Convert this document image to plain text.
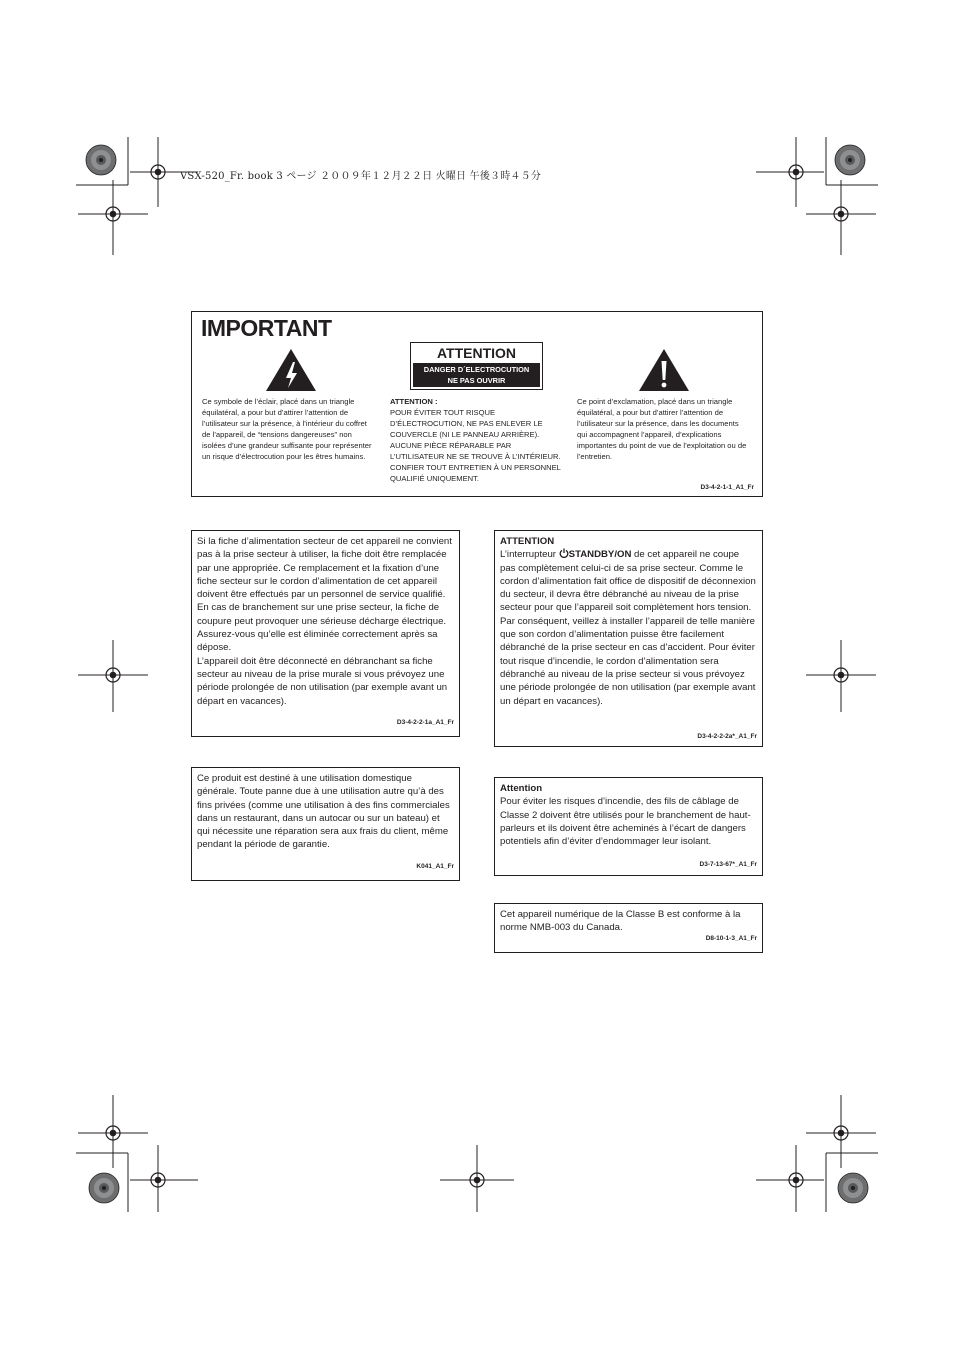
VSX-520_Fr. book 3 ページ ２００９年１２月２２日 火曜日 午後３時４５分
IMPORTANT
ATTENTION
DANGER D´ELECTROCUTION
NE PAS OUVRIR
Ce symbole de l’éclair, placé dans un triangle équilatéral, a pour but d’attirer l’attention de l’utilisateur sur la présence, à l’intérieur du coffret de l’appareil, de “tensions dangereuses” non isolées d’une grandeur suffisante pour représenter un risque d’électrocution pour les êtres humains.
ATTENTION :
POUR ÉVITER TOUT RISQUE D’ÉLECTROCUTION, NE PAS ENLEVER LE COUVERCLE (NI LE PANNEAU ARRIÈRE). AUCUNE PIÈCE RÉPARABLE PAR L’UTILISATEUR NE SE TROUVE À L’INTÉRIEUR. CONFIER TOUT ENTRETIEN À UN PERSONNEL QUALIFIÉ UNIQUEMENT.
Ce point d’exclamation, placé dans un triangle équilatéral, a pour but d’attirer l’attention de l’utilisateur sur la présence, dans les documents qui accompagnent l’appareil, d’explications importantes du point de vue de l’exploitation ou de l’entretien.
D3-4-2-1-1_A1_Fr
Si la fiche d’alimentation secteur de cet appareil ne convient pas à la prise secteur à utiliser, la fiche doit être remplacée par une appropriée. Ce remplacement et la fixation d’une fiche secteur sur le cordon d’alimentation de cet appareil doivent être effectués par un personnel de service qualifié. En cas de branchement sur une prise secteur, la fiche de coupure peut provoquer une sérieuse décharge électrique. Assurez-vous qu’elle est éliminée correctement après sa dépose.
L’appareil doit être déconnecté en débranchant sa fiche secteur au niveau de la prise murale si vous prévoyez une période prolongée de non utilisation (par exemple avant un départ en vacances).
D3-4-2-2-1a_A1_Fr
ATTENTION
L’interrupteur STANDBY/ON de cet appareil ne coupe pas complètement celui-ci de sa prise secteur. Comme le cordon d’alimentation fait office de dispositif de déconnexion du secteur, il devra être débranché au niveau de la prise secteur pour que l’appareil soit complètement hors tension. Par conséquent, veillez à installer l’appareil de telle manière que son cordon d’alimentation puisse être facilement débranché de la prise secteur en cas d’accident. Pour éviter tout risque d’incendie, le cordon d’alimentation sera débranché au niveau de la prise secteur si vous prévoyez une période prolongée de non utilisation (par exemple avant un départ en vacances).
D3-4-2-2-2a*_A1_Fr
Ce produit est destiné à une utilisation domestique générale. Toute panne due à une utilisation autre qu’à des fins privées (comme une utilisation à des fins commerciales dans un restaurant, dans un autocar ou sur un bateau) et qui nécessite une réparation sera aux frais du client, même pendant la période de garantie.
K041_A1_Fr
Attention
Pour éviter les risques d’incendie, des fils de câblage de Classe 2 doivent être utilisés pour le branchement de haut-parleurs et ils doivent être acheminés à l’écart de dangers potentiels afin d’éviter d’endommager leur isolant.
D3-7-13-67*_A1_Fr
Cet appareil numérique de la Classe B est conforme à la norme NMB-003 du Canada.
D8-10-1-3_A1_Fr
